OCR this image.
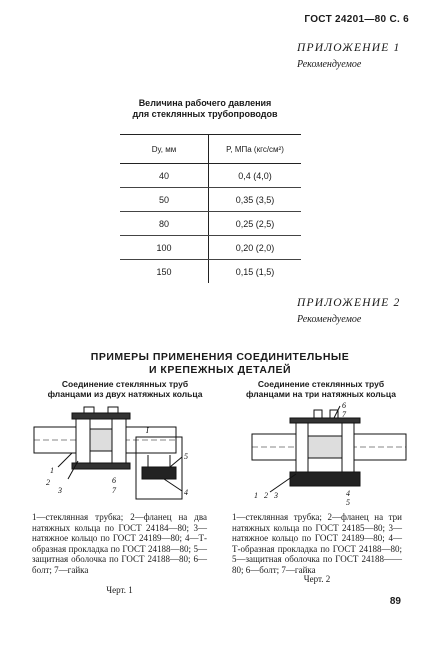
ГОСТ 24201—80 С. 6
ПРИЛОЖЕНИЕ 1
Рекомендуемое
Величина рабочего давления
для стеклянных трубопроводов
Dу, мм	P, МПа (кгс/см²)
40	0,4 (4,0)
50	0,35 (3,5)
80	0,25 (2,5)
100	0,20 (2,0)
150	0,15 (1,5)
ПРИЛОЖЕНИЕ 2
Рекомендуемое
ПРИМЕРЫ ПРИМЕНЕНИЯ СОЕДИНИТЕЛЬНЫЕ
И КРЕПЕЖНЫХ ДЕТАЛЕЙ
Соединение стеклянных труб
фланцами из двух натяжных кольца
I
5
4
1
2
3
6
7
1—стеклянная трубка; 2—фланец на два натяжных кольца по ГОСТ 24184—80; 3—натяжное кольцо по ГОСТ 24189—80; 4—Т-образная прокладка по ГОСТ 24188—80; 5—защитная оболочка по ГОСТ 24188—80; 6—болт; 7—гайка
Черт. 1
Соединение стеклянных труб
фланцами на три натяжных кольца
6
7
1 2 3	4
5
1—стеклянная трубка; 2—фланец на три натяжных кольца по ГОСТ 24185—80; 3—натяжное кольцо по ГОСТ 24189—80; 4—Т-образная прокладка по ГОСТ 24188—80; 5—защитная оболочка по ГОСТ 24188——80; 6—болт; 7—гайка
Черт. 2
89
